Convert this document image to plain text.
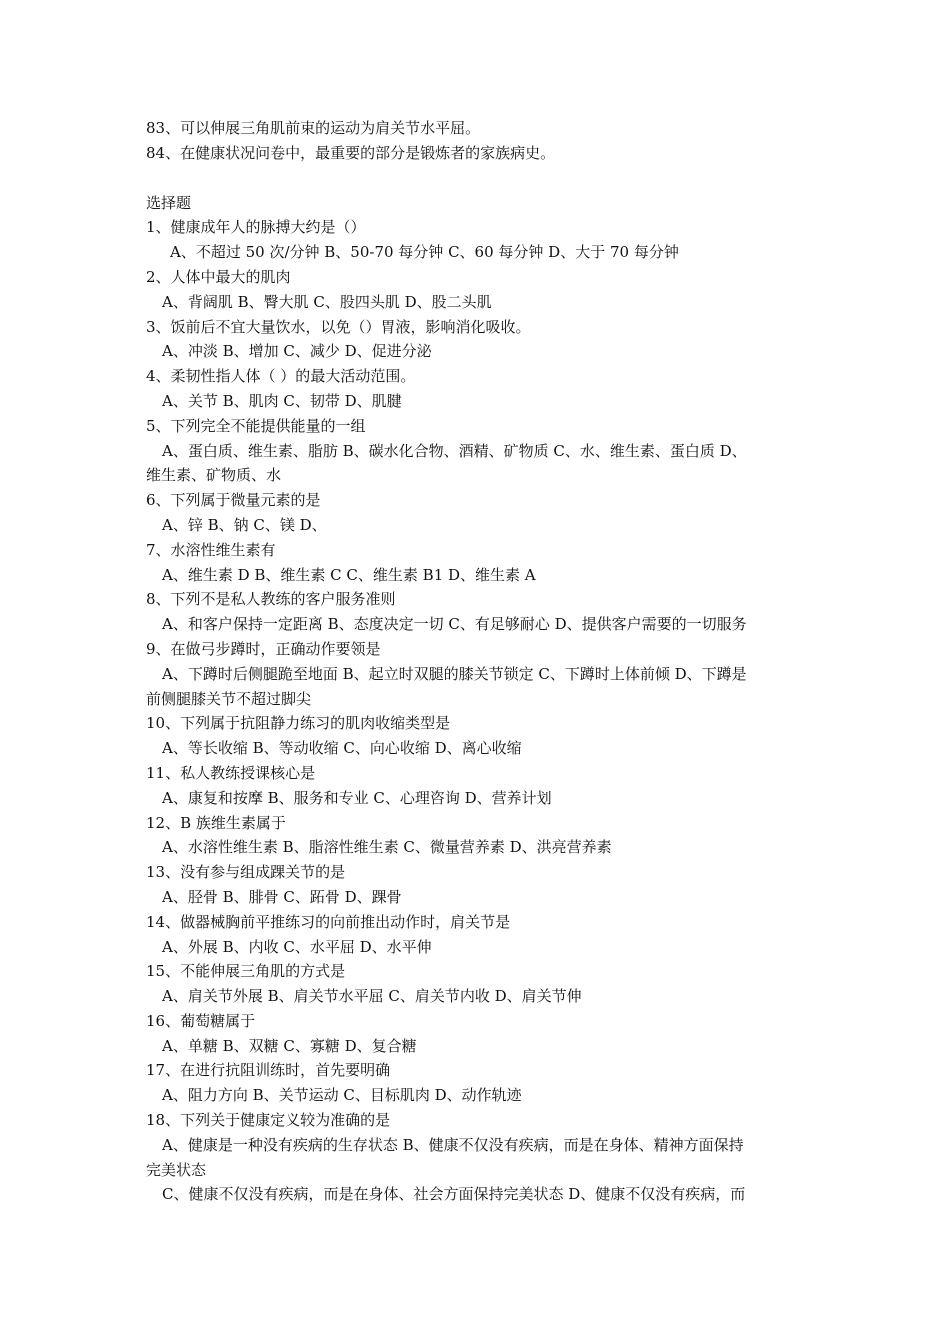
83、可以伸展三角肌前束的运动为肩关节水平屈。
84、在健康状况问卷中，最重要的部分是锻炼者的家族病史。
选择题
1、健康成年人的脉搏大约是（）
A、不超过 50 次/分钟 B、50-70 每分钟 C、60 每分钟 D、大于 70 每分钟
2、人体中最大的肌肉
A、背阔肌 B、臀大肌 C、股四头肌 D、股二头肌
3、饭前后不宜大量饮水，以免（）胃液，影响消化吸收。
A、冲淡 B、增加 C、减少 D、促进分泌
4、柔韧性指人体（ ）的最大活动范围。
A、关节 B、肌肉 C、韧带 D、肌腱
5、下列完全不能提供能量的一组
A、蛋白质、维生素、脂肪 B、碳水化合物、酒精、矿物质 C、水、维生素、蛋白质 D、
维生素、矿物质、水
6、下列属于微量元素的是
A、锌 B、钠 C、镁 D、
7、水溶性维生素有
A、维生素 D B、维生素 C C、维生素 B1 D、维生素 A
8、下列不是私人教练的客户服务准则
A、和客户保持一定距离 B、态度决定一切 C、有足够耐心 D、提供客户需要的一切服务
9、在做弓步蹲时，正确动作要领是
A、下蹲时后侧腿跪至地面 B、起立时双腿的膝关节锁定 C、下蹲时上体前倾 D、下蹲是
前侧腿膝关节不超过脚尖
10、下列属于抗阻静力练习的肌肉收缩类型是
A、等长收缩 B、等动收缩 C、向心收缩 D、离心收缩
11、私人教练授课核心是
A、康复和按摩 B、服务和专业 C、心理咨询 D、营养计划
12、B 族维生素属于
A、水溶性维生素 B、脂溶性维生素 C、微量营养素 D、洪亮营养素
13、没有参与组成踝关节的是
A、胫骨 B、腓骨 C、跖骨 D、踝骨
14、做器械胸前平推练习的向前推出动作时，肩关节是
A、外展 B、内收 C、水平屈 D、水平伸
15、不能伸展三角肌的方式是
A、肩关节外展 B、肩关节水平屈 C、肩关节内收 D、肩关节伸
16、葡萄糖属于
A、单糖 B、双糖 C、寡糖 D、复合糖
17、在进行抗阻训练时，首先要明确
A、阻力方向 B、关节运动 C、目标肌肉 D、动作轨迹
18、下列关于健康定义较为准确的是
A、健康是一种没有疾病的生存状态 B、健康不仅没有疾病，而是在身体、精神方面保持
完美状态
C、健康不仅没有疾病，而是在身体、社会方面保持完美状态 D、健康不仅没有疾病，而
